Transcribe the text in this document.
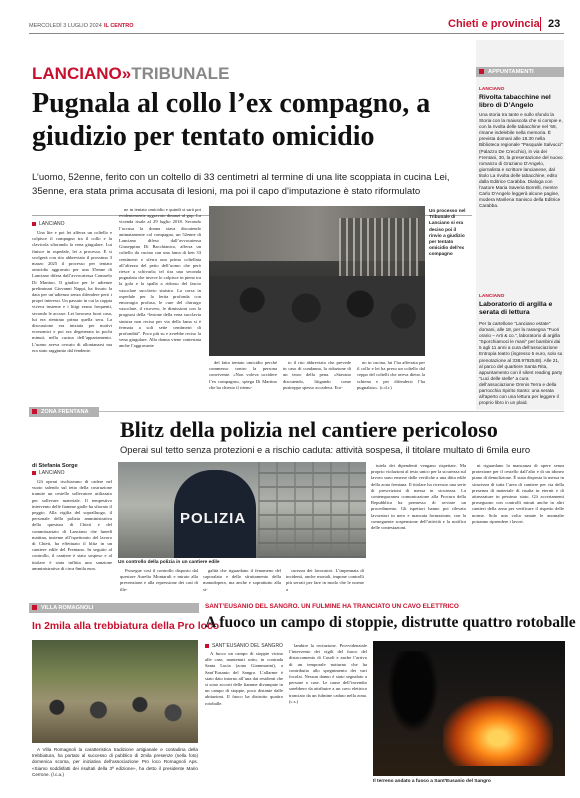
MERCOLEDÌ 3 LUGLIO 2024 IL CENTRO	Chieti e provincia 23
LANCIANO»TRIBUNALE
Pugnala al collo l’ex compagno, a giudizio per tentato omicidio
L’uomo, 52enne, ferito con un coltello di 33 centimetri al termine di una lite scoppiata in cucina Lei, 35enne, era stata prima accusata di lesioni, ma poi il capo d’imputazione è stato riformulato
LANCIANO

Una lite e poi lei afferra un coltello e colpisce il compagno tra il collo e la clavicola sfiorando la vena giugulare. Lui finisce in ospedale, lei a processo. E si svolgerà con rito abbreviato il prossimo 3 marzo 2025 il processo per tentato omicidio aggravato per una 35enne di Lanciano difesa dall’avvocatessa Consuelo Di Martino. Il giudice per le udienze preliminari Giovanni Nappi, ha fissato la data per un’udienza senza difendere però i propri interessi. Un passato in cui la coppia viveva insieme e i litigi erano frequenti, secondo le accuse. Lei lavorava fuori casa, lui era rientrato prima quella sera. La discussione era iniziata per motivi economici e poi era degenerata in pochi minuti, nella cucina dell’appartamento. L’uomo aveva cercato di allontanarsi ma era stato raggiunto dal fendente.

ne in tentato omicidio e quindi si sarà poi evidentemente aggravato dinanzi al gup. La vicenda risale al 29 luglio 2018. Secondo l’accusa la donna stava discutendo animatamente col compagno, un 52enne di Lanciano difeso dall’avvocatessa Giuseppina Di Bacchianico, afferra un coltello da cucina con una lama di ben 33 centimetri e sferra una prima coltellata all’altezza del petto dell’uomo che però riesce a schivarla; tel tira una seconda pugnalata che invece lo colpisce in pieno tra la gola e la spalla a ridosso del fascio vascolare succlavio sinistro. La corsa in ospedale per la ferita profonda con emorragia profusa, le cure del chirurgo vascolare, il ricovero, le dimissioni con la prognosi della “lesione della vena succlavia sinistra non recisa per via della lama si è fermata a soli sette centimetri di profondità”. Poco più su e avrebbe reciso la vena giugulare. Alla donna viene contestata anche l’aggravante

Un processo nel Tribunale di Lanciano si era deciso poi il rinvio a giudizio per tentato omicidio dell’ex compagno

del fatto tentato omicidio perché commesso contro la persona convivente. «Non voleva uccidere l’ex compagno», spiega Di Martino che ha chiesto il ritenu-

to il rito abbreviato che prevede in caso di condanna, la riduzione di un terzo della pena. «Stavano discutendo, litigando come purtroppo spesso accadeva. Ero-

no in cucina, lui l’ha afferrata per il collo e lei ha preso un coltello dal ceppo del coltelli che aveva dietro la schiena e per difendersi l’ha pugnalato». (c.d.r.)

APPUNTAMENTI
LANCIANO
Rivolta tabacchine nel libro di D’Angelo

Una storia tra tante e sullo sfondo la Storia con la maiuscola che si compie e, con la rivolta delle tabacchine nel ’68, rimane indelebile nella memoria. È prevista domani alle 18.30 nella Biblioteca regionale “Pasquale Salvucci” (Palazzo De Crecchio), in via dei Frentani, 30, la presentazione del nuovo romanzo di Graziano D’Angelo, giornalista e scrittore lancianese, dal titolo La rivolta delle tabacchine, edito dalla Editrice Carabba. Dialoga con l’autore Maria Saveria Borrelli, mentre Carlo D’Angelo leggerà alcune pagine, modera Marilena Sanisco della Editrice Carabba.

LANCIANO
Laboratorio di argilla e serata di lettura

Per la cartellone “Lanciano estate” domani, alle 18, per la rassegna “Fuori orario – Arti & co.”, laboratorio di argilla “Sporchiamoci le mani” per bambini dai 5 agli 11 anni a cura dell’associazione Entropia teatro (ingresso 5 euro, solo su prenotazione al 338.9792548). Alle 21, al parco del quartiere Santa Rita, appuntamento con il silent reading party “Luci delle stelle” a cura dell’associazione Omnis Terra e della parrocchia Spirito Santo: una serata all’aperto con una lettura per leggere il proprio libro in un plaid.

ZONA FRENTANA
Blitz della polizia nel cantiere pericoloso
Operai sul tetto senza protezioni e a rischio caduta: attività sospesa, il titolare multato di 6mila euro
di Stefania Sorge
LANCIANO

Gli operai rischiavano di cadere nel vuoto salendo sul tetto della costruzione tramite un cestello sollevatore utilizzato per sollevare materiale. Il tempestivo intervento delle fiamme gialle ha sfiorato il peggio. Alla vigilia del sopralluogo, il personale della polizia amministrativa della questura di Chieti e del commissariato di Lanciano che lunedì mattina, insieme all’ispettorato del lavoro di Chieti, ha effettuato il blitz in un cantiere edile del Frentano. In seguito al controllo, il cantiere è stato sospeso e al titolare è stata inflitta una sanzione amministrativa di circa 6mila euro.

POLIZIA
Un controllo della polizia in un cantiere edile

Prosegue così il controllo disposto dal questore Aurelio Montaruli e mirato alla prevenzione e alla repressione dei casi di ille-

galità che riguardano il fenomeno del caporalato e dello sfruttamento della manodopera, ma anche e soprattutto alla si-

curezza dei lavoratori. L’impennata di incidenti, anche mortali, impone controlli più serrati per fare in modo che le norme a

tutela dei dipendenti vengano rispettate. Ma proprio violazioni al testo unico per la sicurezza sul lavoro sono emerse dalle verifiche a una ditta edile della zona frentana. Il titolare ha ricevuto una serie di prescrizioni di messa in sicurezza. La contemporanea comunicazione alla Procura della Repubblica ha permesso di avviare un procedimento. Gli ispettori hanno poi rilevato lavoratori in nero e mancata formazione, con la conseguente sospensione dell’attività e la notifica delle contestazioni.

ni riguardano la mancanza di opere senza protezione per il cestello dall’alto e di un idoneo piano di demolizione. È stata disposta la messa in sicurezza di tutta l’area di cantiere per via della presenza di materiale di risulta in eternit e di attrezzature in pessimo stato. Gli accertamenti proseguono con controlli mirati anche in altri cantieri della zona per verificare il rispetto delle norme. Solo una volta sanate le anomalie potranno riprendere i lavori.

VILLA ROMAGNOLI
In 2mila alla trebbiatura della Pro loco

A Villa Romagnoli la caratteristica tradizione artigianale e contadina della trebbiatura, ha portato al successo di pubblico di 2mila presenze (nella foto) domenica scorsa, per iniziativa dell’associazione Pro loco Romagnoli Aps. «Siamo soddisfatti dei risultati della 3ª edizione», ha detto il presidente Mario Cerrone. (l.c.a.)

SANT’EUSANIO DEL SANGRO. UN FULMINE HA TRANCIATO UN CAVO ELETTRICO
A fuoco un campo di stoppie, distrutte quattro rotoballe
SANT’EUSANIO DEL SANGRO

A fuoco un campo di stoppie vicino alle case, mantenuti sotto, in contrada Santa Lucia (zona Giammarini), a Sant’Eusanio del Sangro. L’allarme è stato dato intorno all’una dai residenti che si sono accorti delle fiamme divampate in un campo di stoppie, poco distante dalle abitazioni. Il fuoco ha distrutto quattro rotoballe.

lambire la recinzione. Provvidenziale l’intervento dei vigili del fuoco del distaccamento di Casoli e anche l’arrivo di un temporale notturno che ha contribuito allo spegnimento dei vari focolai. Nessun danno è stato segnalato a persone o case. Le cause dell’incendio sarebbero da attribuire a un cavo elettrico tranciato da un fulmine caduto nella zona. (c.s.)

Il terreno andato a fuoco a Sant’Eusanio del Sangro
